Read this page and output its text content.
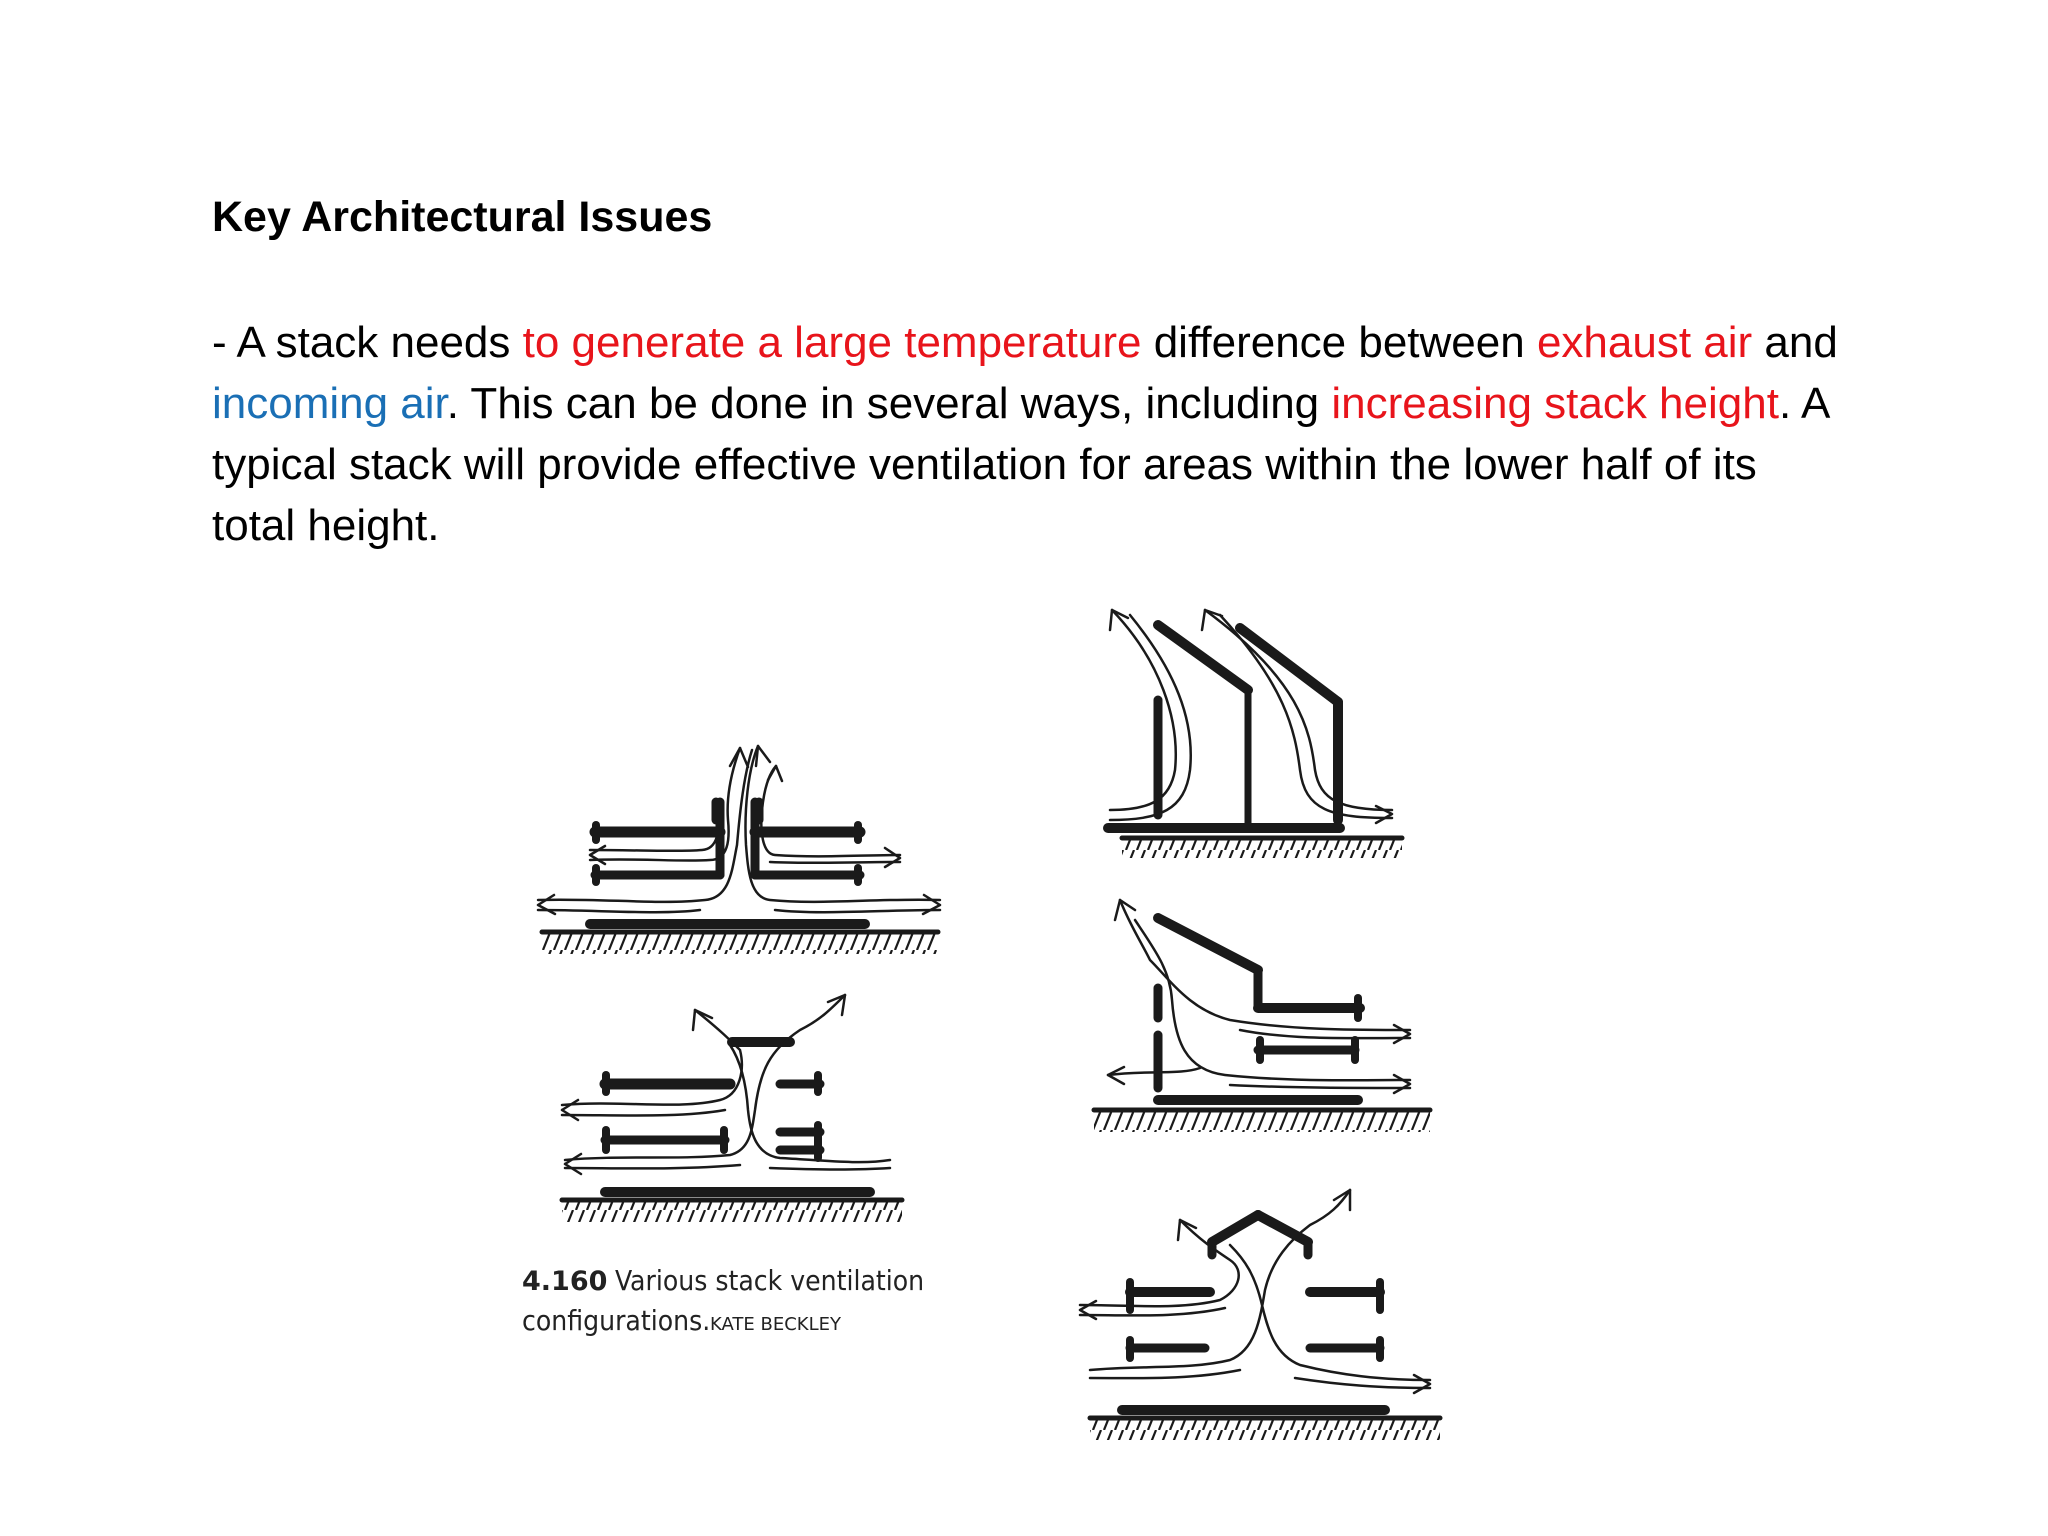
Key Architectural Issues

- A stack needs to generate a large temperature difference between exhaust air and incoming air. This can be done in several ways, including increasing stack height. A typical stack will provide effective ventilation for areas within the lower half of its total height.

4.160 Various stack ventilation
configurations. KATE BECKLEY
